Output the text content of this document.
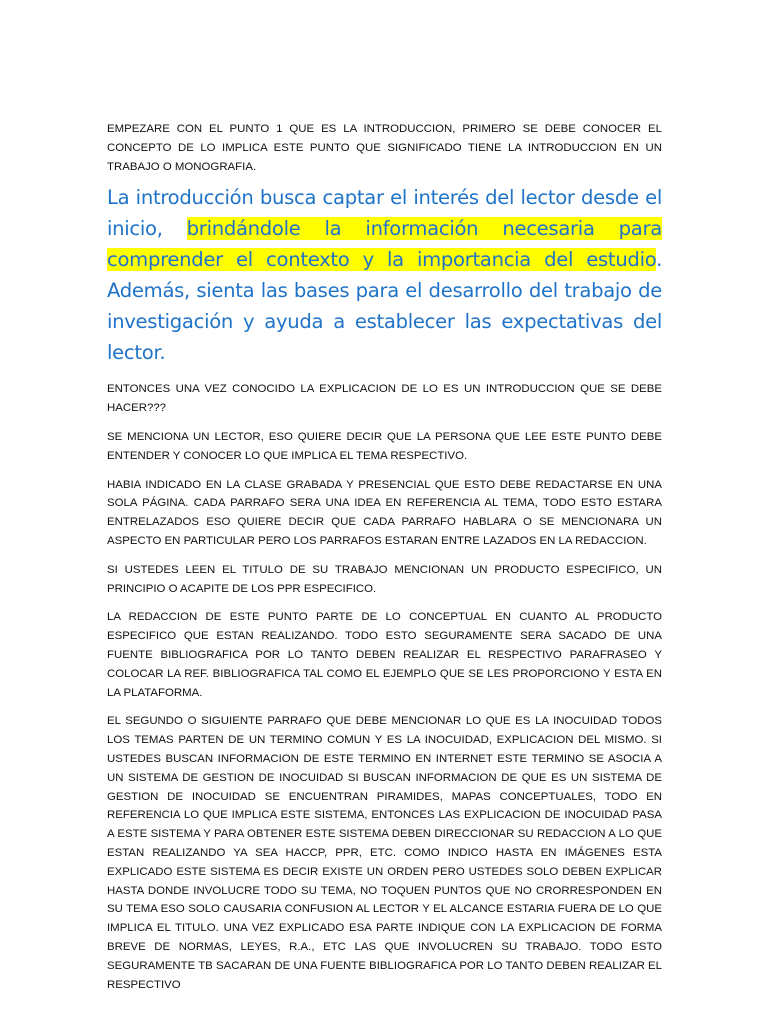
EMPEZARE CON EL PUNTO 1 QUE ES LA INTRODUCCION, PRIMERO SE DEBE CONOCER EL CONCEPTO DE LO IMPLICA ESTE PUNTO QUE SIGNIFICADO TIENE LA INTRODUCCION EN UN TRABAJO O MONOGRAFIA.

La introducción busca captar el interés del lector desde el inicio, brindándole la información necesaria para comprender el contexto y la importancia del estudio. Además, sienta las bases para el desarrollo del trabajo de investigación y ayuda a establecer las expectativas del lector.

ENTONCES UNA VEZ CONOCIDO LA EXPLICACION DE LO ES UN INTRODUCCION QUE SE DEBE HACER???

SE MENCIONA UN LECTOR, ESO QUIERE DECIR QUE LA PERSONA QUE LEE ESTE PUNTO DEBE ENTENDER Y CONOCER LO QUE IMPLICA EL TEMA RESPECTIVO.

HABIA INDICADO EN LA CLASE GRABADA Y PRESENCIAL QUE ESTO DEBE REDACTARSE EN UNA SOLA PÁGINA. CADA PARRAFO SERA UNA IDEA EN REFERENCIA AL TEMA, TODO ESTO ESTARA ENTRELAZADOS ESO QUIERE DECIR QUE CADA PARRAFO HABLARA O SE MENCIONARA UN ASPECTO EN PARTICULAR PERO LOS PARRAFOS ESTARAN ENTRE LAZADOS EN LA REDACCION.

SI USTEDES LEEN EL TITULO DE SU TRABAJO MENCIONAN UN PRODUCTO ESPECIFICO, UN PRINCIPIO O ACAPITE DE LOS PPR ESPECIFICO.

LA REDACCION DE ESTE PUNTO PARTE DE LO CONCEPTUAL EN CUANTO AL PRODUCTO ESPECIFICO QUE ESTAN REALIZANDO. TODO ESTO SEGURAMENTE SERA SACADO DE UNA FUENTE BIBLIOGRAFICA POR LO TANTO DEBEN REALIZAR EL RESPECTIVO PARAFRASEO Y COLOCAR LA REF. BIBLIOGRAFICA TAL COMO EL EJEMPLO QUE SE LES PROPORCIONO Y ESTA EN LA PLATAFORMA.

EL SEGUNDO O SIGUIENTE PARRAFO QUE DEBE MENCIONAR LO QUE ES LA INOCUIDAD TODOS LOS TEMAS PARTEN DE UN TERMINO COMUN Y ES LA INOCUIDAD, EXPLICACION DEL MISMO. SI USTEDES BUSCAN INFORMACION DE ESTE TERMINO EN INTERNET ESTE TERMINO SE ASOCIA A UN SISTEMA DE GESTION DE INOCUIDAD SI BUSCAN INFORMACION DE QUE ES UN SISTEMA DE GESTION DE INOCUIDAD SE ENCUENTRAN PIRAMIDES, MAPAS CONCEPTUALES, TODO EN REFERENCIA LO QUE IMPLICA ESTE SISTEMA, ENTONCES LAS EXPLICACION DE INOCUIDAD PASA A ESTE SISTEMA Y PARA OBTENER ESTE SISTEMA DEBEN DIRECCIONAR SU REDACCION A LO QUE ESTAN REALIZANDO YA SEA HACCP, PPR, ETC. COMO INDICO HASTA EN IMÁGENES ESTA EXPLICADO ESTE SISTEMA ES DECIR EXISTE UN ORDEN PERO USTEDES SOLO DEBEN EXPLICAR HASTA DONDE INVOLUCRE TODO SU TEMA, NO TOQUEN PUNTOS QUE NO CRORRESPONDEN EN SU TEMA ESO SOLO CAUSARIA CONFUSION AL LECTOR Y EL ALCANCE ESTARIA FUERA DE LO QUE IMPLICA EL TITULO. UNA VEZ EXPLICADO ESA PARTE INDIQUE CON LA EXPLICACION DE FORMA BREVE DE NORMAS, LEYES, R.A., ETC LAS QUE INVOLUCREN SU TRABAJO. TODO ESTO SEGURAMENTE TB SACARAN DE UNA FUENTE BIBLIOGRAFICA POR LO TANTO DEBEN REALIZAR EL RESPECTIVO
